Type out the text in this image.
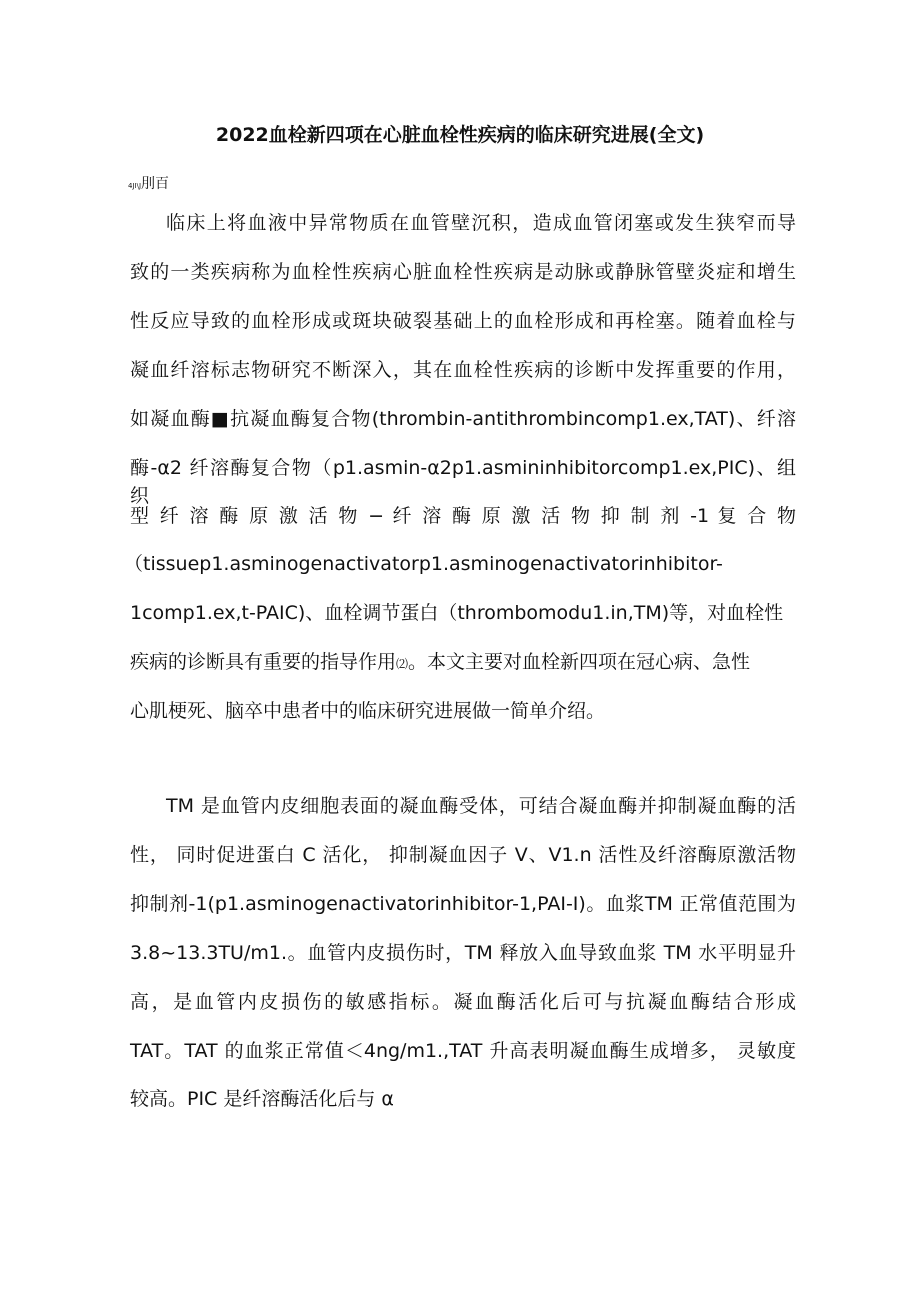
2022血栓新四项在心脏血栓性疾病的临床研究进展(全文)
4JI\J刖百
临床上将血液中异常物质在血管壁沉积，造成血管闭塞或发生狭窄而导
致的一类疾病称为血栓性疾病心脏血栓性疾病是动脉或静脉管壁炎症和增生
性反应导致的血栓形成或斑块破裂基础上的血栓形成和再栓塞。随着血栓与
凝血纤溶标志物研究不断深入，其在血栓性疾病的诊断中发挥重要的作用，
如凝血酶■抗凝血酶复合物(thrombin-antithrombincomp1.ex,TAT)、纤溶
酶-α2 纤溶酶复合物（p1.asmin-α2p1.asmininhibitorcomp1.ex,PIC)、组织
型 纤 溶 酶 原 激 活 物 − 纤 溶 酶 原 激 活 物 抑 制 剂 -1 复 合 物
（tissuep1.asminogenactivatorp1.asminogenactivatorinhibitor-
1comp1.ex,t-PAIC)、血栓调节蛋白（thrombomodu1.in,TM)等，对血栓性
疾病的诊断具有重要的指导作用⑵。本文主要对血栓新四项在冠心病、急性
心肌梗死、脑卒中患者中的临床研究进展做一简单介绍。
TM 是血管内皮细胞表面的凝血酶受体，可结合凝血酶并抑制凝血酶的活
性， 同时促进蛋白 C 活化， 抑制凝血因子 V、V1.n 活性及纤溶酶原激活物
抑制剂-1(p1.asminogenactivatorinhibitor-1,PAI-I)。血浆TM 正常值范围为
3.8~13.3TU∕m1.。血管内皮损伤时，TM 释放入血导致血浆 TM 水平明显升
高，是血管内皮损伤的敏感指标。凝血酶活化后可与抗凝血酶结合形成
TAT。TAT 的血浆正常值＜4ng∕m1.,TAT 升高表明凝血酶生成增多， 灵敏度
较高。PIC 是纤溶酶活化后与 α
